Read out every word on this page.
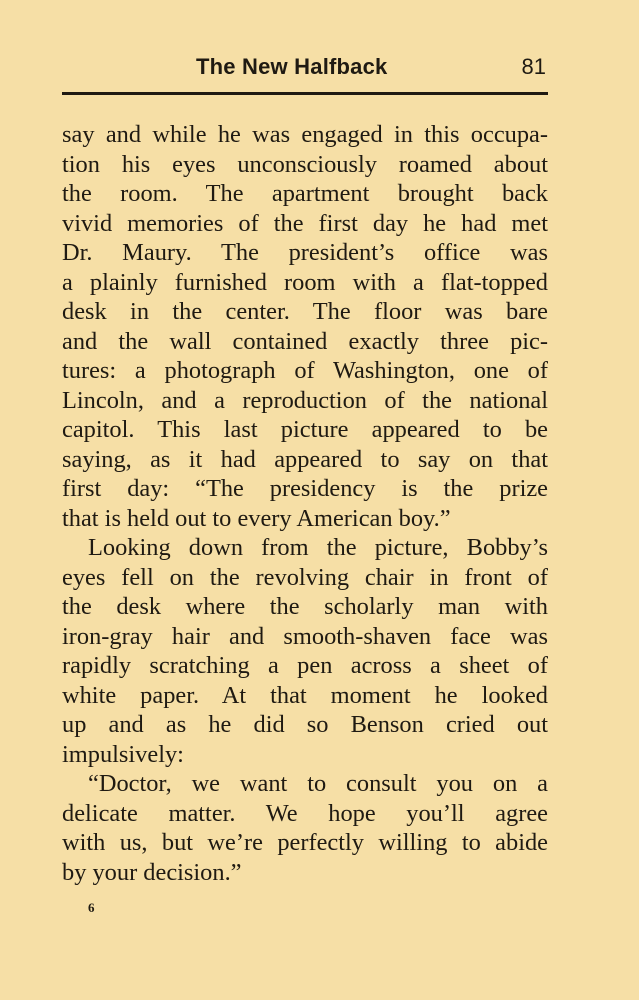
The New Halfback	81
say and while he was engaged in this occupa-
tion his eyes unconsciously roamed about
the room. The apartment brought back
vivid memories of the first day he had met
Dr. Maury. The president’s office was
a plainly furnished room with a flat-topped
desk in the center. The floor was bare
and the wall contained exactly three pic-
tures: a photograph of Washington, one of
Lincoln, and a reproduction of the national
capitol. This last picture appeared to be
saying, as it had appeared to say on that
first day: “The presidency is the prize
that is held out to every American boy.”
Looking down from the picture, Bobby’s
eyes fell on the revolving chair in front of
the desk where the scholarly man with
iron-gray hair and smooth-shaven face was
rapidly scratching a pen across a sheet of
white paper. At that moment he looked
up and as he did so Benson cried out
impulsively:
“Doctor, we want to consult you on a
delicate matter. We hope you’ll agree
with us, but we’re perfectly willing to abide
by your decision.”
6
